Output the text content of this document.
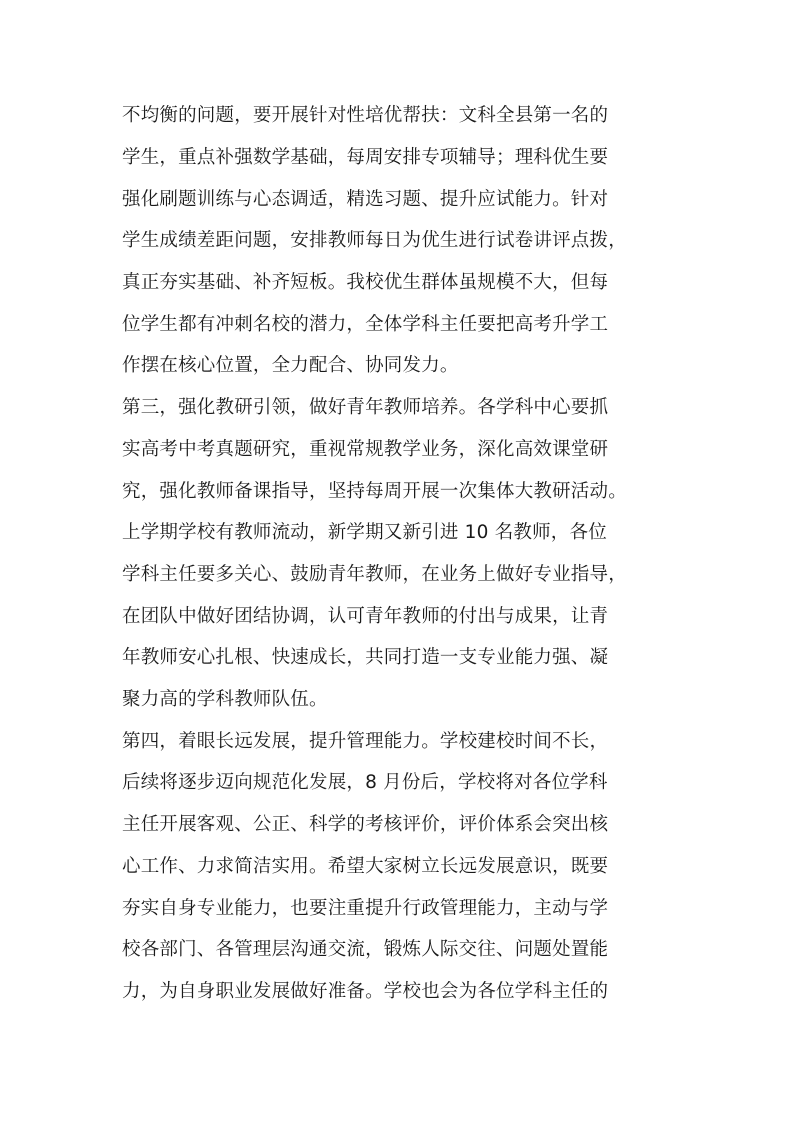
不均衡的问题，要开展针对性培优帮扶：文科全县第一名的
学生，重点补强数学基础，每周安排专项辅导；理科优生要
强化刷题训练与心态调适，精选习题、提升应试能力。针对
学生成绩差距问题，安排教师每日为优生进行试卷讲评点拨，
真正夯实基础、补齐短板。我校优生群体虽规模不大，但每
位学生都有冲刺名校的潜力，全体学科主任要把高考升学工
作摆在核心位置，全力配合、协同发力。
第三，强化教研引领，做好青年教师培养。各学科中心要抓
实高考中考真题研究，重视常规教学业务，深化高效课堂研
究，强化教师备课指导，坚持每周开展一次集体大教研活动。
上学期学校有教师流动，新学期又新引进 10 名教师，各位
学科主任要多关心、鼓励青年教师，在业务上做好专业指导，
在团队中做好团结协调，认可青年教师的付出与成果，让青
年教师安心扎根、快速成长，共同打造一支专业能力强、凝
聚力高的学科教师队伍。
第四，着眼长远发展，提升管理能力。学校建校时间不长，
后续将逐步迈向规范化发展，8 月份后，学校将对各位学科
主任开展客观、公正、科学的考核评价，评价体系会突出核
心工作、力求简洁实用。希望大家树立长远发展意识，既要
夯实自身专业能力，也要注重提升行政管理能力，主动与学
校各部门、各管理层沟通交流，锻炼人际交往、问题处置能
力，为自身职业发展做好准备。学校也会为各位学科主任的
